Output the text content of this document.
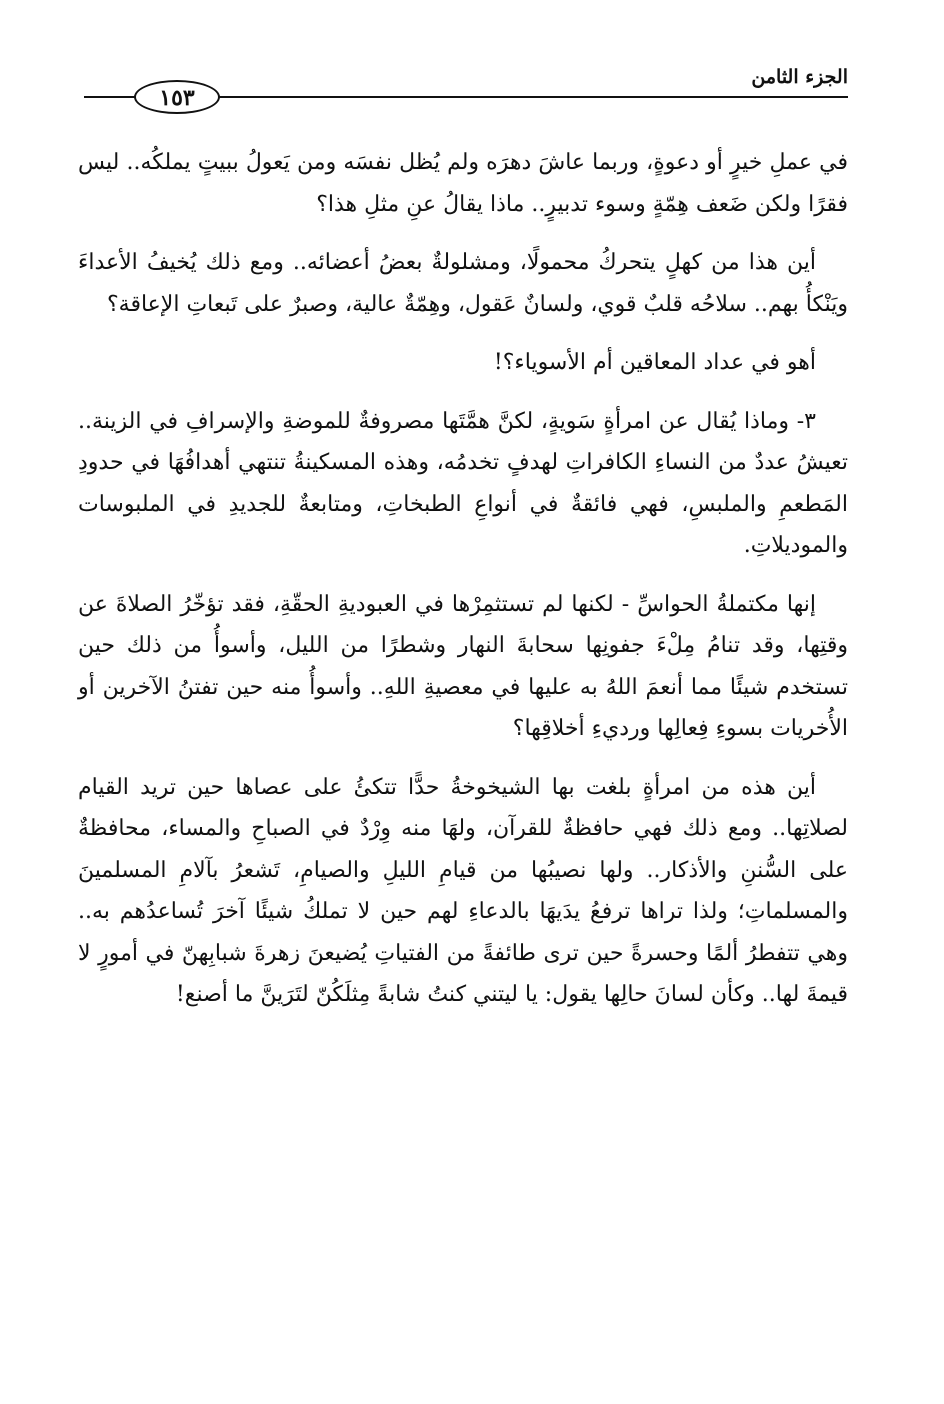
الجزء الثامن
١٥٣

في عملِ خيرٍ أو دعوةٍ، وربما عاشَ دهرَه ولم يُظل نفسَه ومن يَعولُ ببيتٍ يملكُه.. ليس فقرًا ولكن ضَعف هِمّةٍ وسوء تدبيرٍ.. ماذا يقالُ عنِ مثلِ هذا؟

أين هذا من كهلٍ يتحركُ محمولًا، ومشلولةٌ بعضُ أعضائه.. ومع ذلك يُخيفُ الأعداءَ ويَنْكأُ بهم.. سلاحُه قلبٌ قوي، ولسانٌ عَقول، وهِمّةٌ عالية، وصبرٌ على تَبعاتِ الإعاقة؟

أهو في عداد المعاقين أم الأسوياء؟!

٣- وماذا يُقال عن امرأةٍ سَويةٍ، لكنَّ همَّتَها مصروفةٌ للموضةِ والإسرافِ في الزينة.. تعيشُ عددٌ من النساءِ الكافراتِ لهدفٍ تخدمُه، وهذه المسكينةُ تنتهي أهدافُهَا في حدودِ المَطعمِ والملبسِ، فهي فائقةٌ في أنواعِ الطبخاتِ، ومتابعةٌ للجديدِ في الملبوسات والموديلاتِ.

إنها مكتملةُ الحواسِّ - لكنها لم تستثمِرْها في العبوديةِ الحقّةِ، فقد تؤخّرُ الصلاةَ عن وقتِها، وقد تنامُ مِلْءَ جفونِها سحابةَ النهار وشطرًا من الليل، وأسوأُ من ذلك حين تستخدم شيئًا مما أنعمَ اللهُ به عليها في معصيةِ اللهِ.. وأسوأُ منه حين تفتنُ الآخرين أو الأُخريات بسوءِ فِعالِها ورديءِ أخلاقِها؟

أين هذه من امرأةٍ بلغت بها الشيخوخةُ حدًّا تتكئُ على عصاها حين تريد القيام لصلاتِها.. ومع ذلك فهي حافظةٌ للقرآن، ولهَا منه وِرْدٌ في الصباحِ والمساء، محافظةٌ على السُّننِ والأذكار.. ولها نصيبُها من قيامِ الليلِ والصيامِ، تَشعرُ بآلامِ المسلمينَ والمسلماتِ؛ ولذا تراها ترفعُ يدَيهَا بالدعاءِ لهم حين لا تملكُ شيئًا آخرَ تُساعدُهم به.. وهي تتفطرُ ألمًا وحسرةً حين ترى طائفةً من الفتياتِ يُضيعنَ زهرةَ شبابِهنّ في أمورٍ لا قيمةَ لها.. وكأن لسانَ حالِها يقول: يا ليتني كنتُ شابةً مِثلَكُنّ لتَرَينَّ ما أصنع!
